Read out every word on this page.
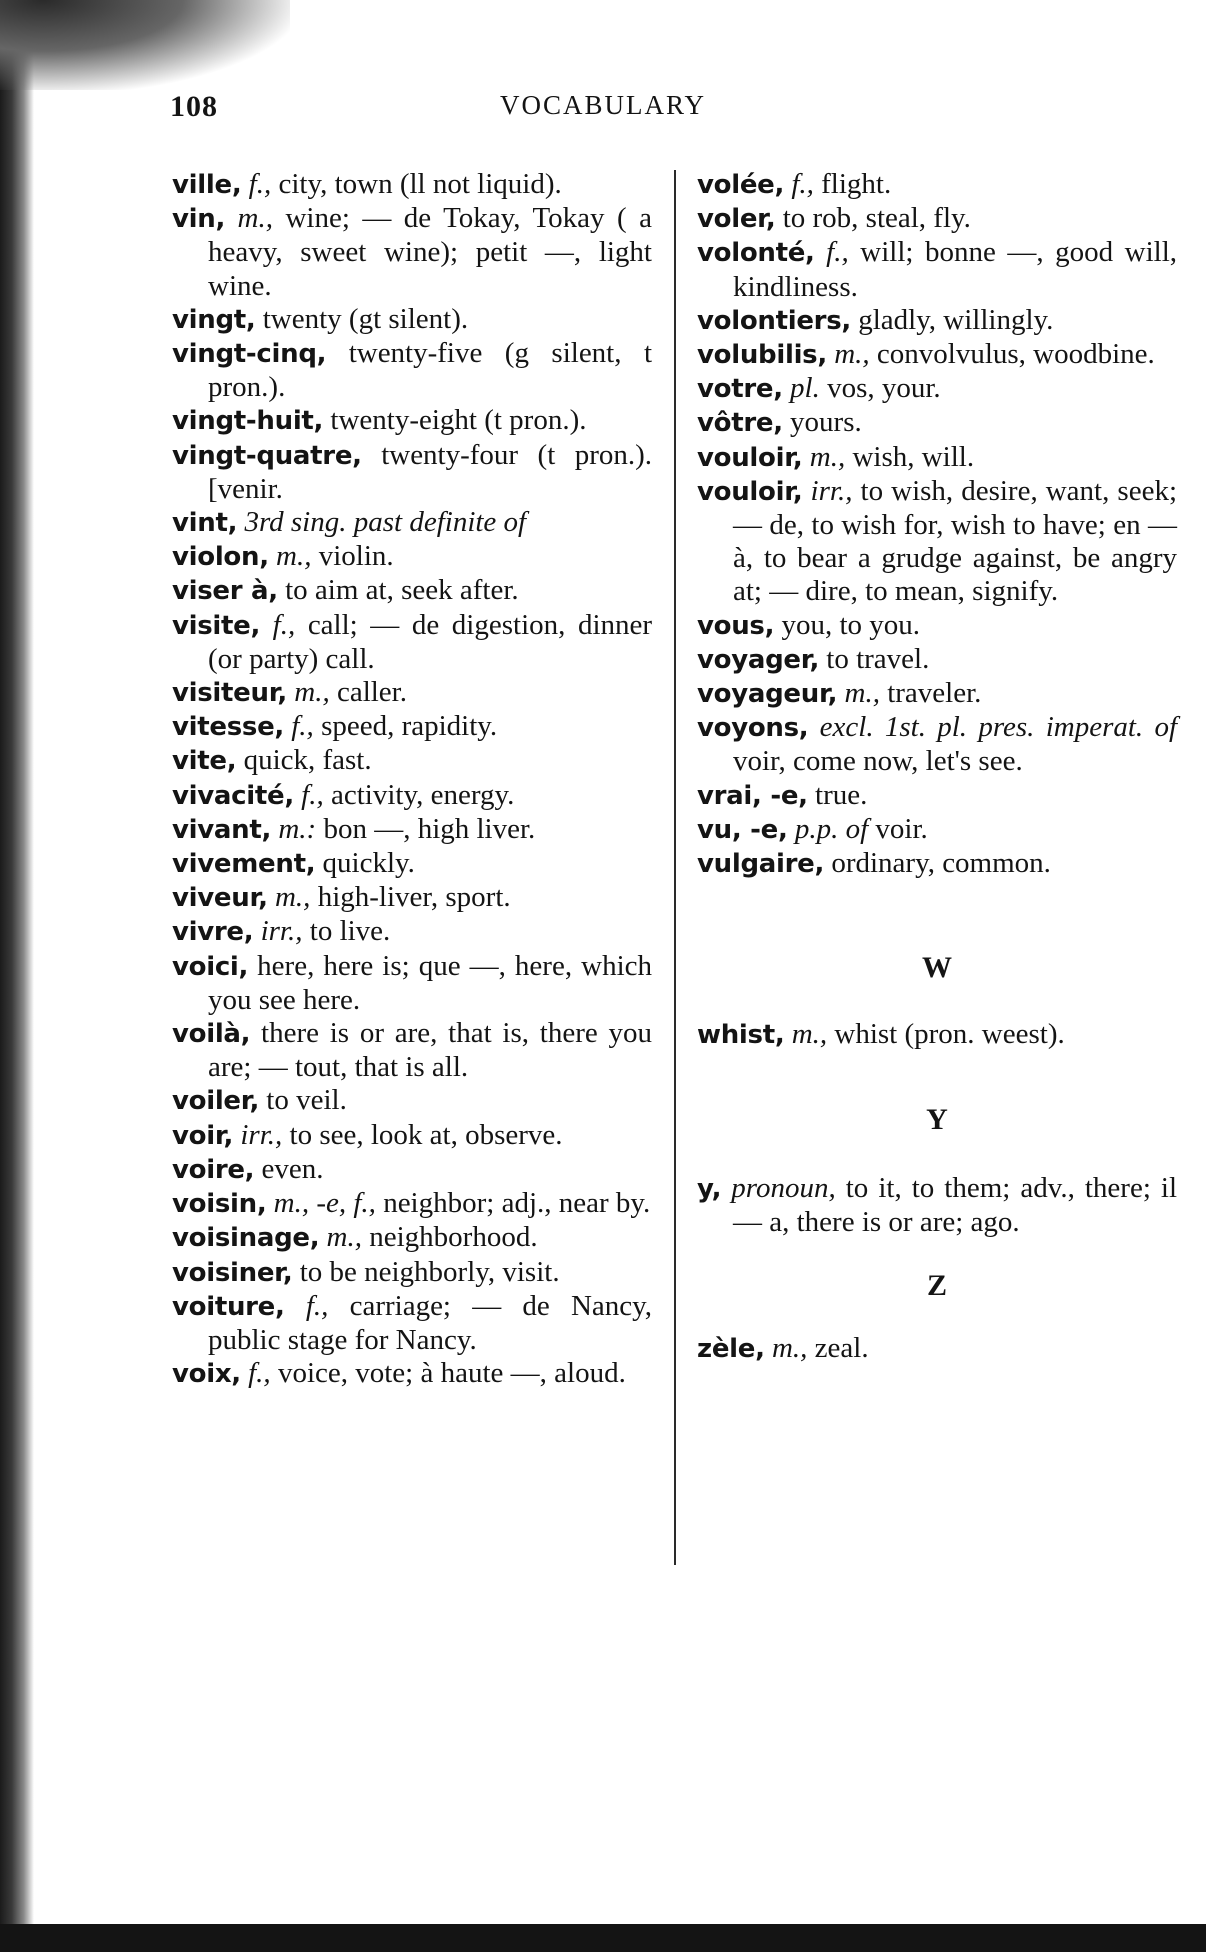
108	VOCABULARY
ville, f., city, town (ll not liquid).
vin, m., wine; — de Tokay, Tokay ( a heavy, sweet wine); petit —, light wine.
vingt, twenty (gt silent).
vingt-cinq, twenty-five (g silent, t pron.).
vingt-huit, twenty-eight (t pron.).
vingt-quatre, twenty-four (t pron.). [venir.
vint, 3rd sing. past definite of
violon, m., violin.
viser à, to aim at, seek after.
visite, f., call; — de digestion, dinner (or party) call.
visiteur, m., caller.
vitesse, f., speed, rapidity.
vite, quick, fast.
vivacité, f., activity, energy.
vivant, m.: bon —, high liver.
vivement, quickly.
viveur, m., high-liver, sport.
vivre, irr., to live.
voici, here, here is; que —, here, which you see here.
voilà, there is or are, that is, there you are; — tout, that is all.
voiler, to veil.
voir, irr., to see, look at, observe.
voire, even.
voisin, m., -e, f., neighbor; adj., near by.
voisinage, m., neighborhood.
voisiner, to be neighborly, visit.
voiture, f., carriage; — de Nancy, public stage for Nancy.
voix, f., voice, vote; à haute —, aloud.
volée, f., flight.
voler, to rob, steal, fly.
volonté, f., will; bonne —, good will, kindliness.
volontiers, gladly, willingly.
volubilis, m., convolvulus, woodbine.
votre, pl. vos, your.
vôtre, yours.
vouloir, m., wish, will.
vouloir, irr., to wish, desire, want, seek; — de, to wish for, wish to have; en — à, to bear a grudge against, be angry at; — dire, to mean, signify.
vous, you, to you.
voyager, to travel.
voyageur, m., traveler.
voyons, excl. 1st. pl. pres. imperat. of voir, come now, let's see.
vrai, -e, true.
vu, -e, p.p. of voir.
vulgaire, ordinary, common.
W
whist, m., whist (pron. weest).
Y
y, pronoun, to it, to them; adv., there; il — a, there is or are; ago.
Z
zèle, m., zeal.
